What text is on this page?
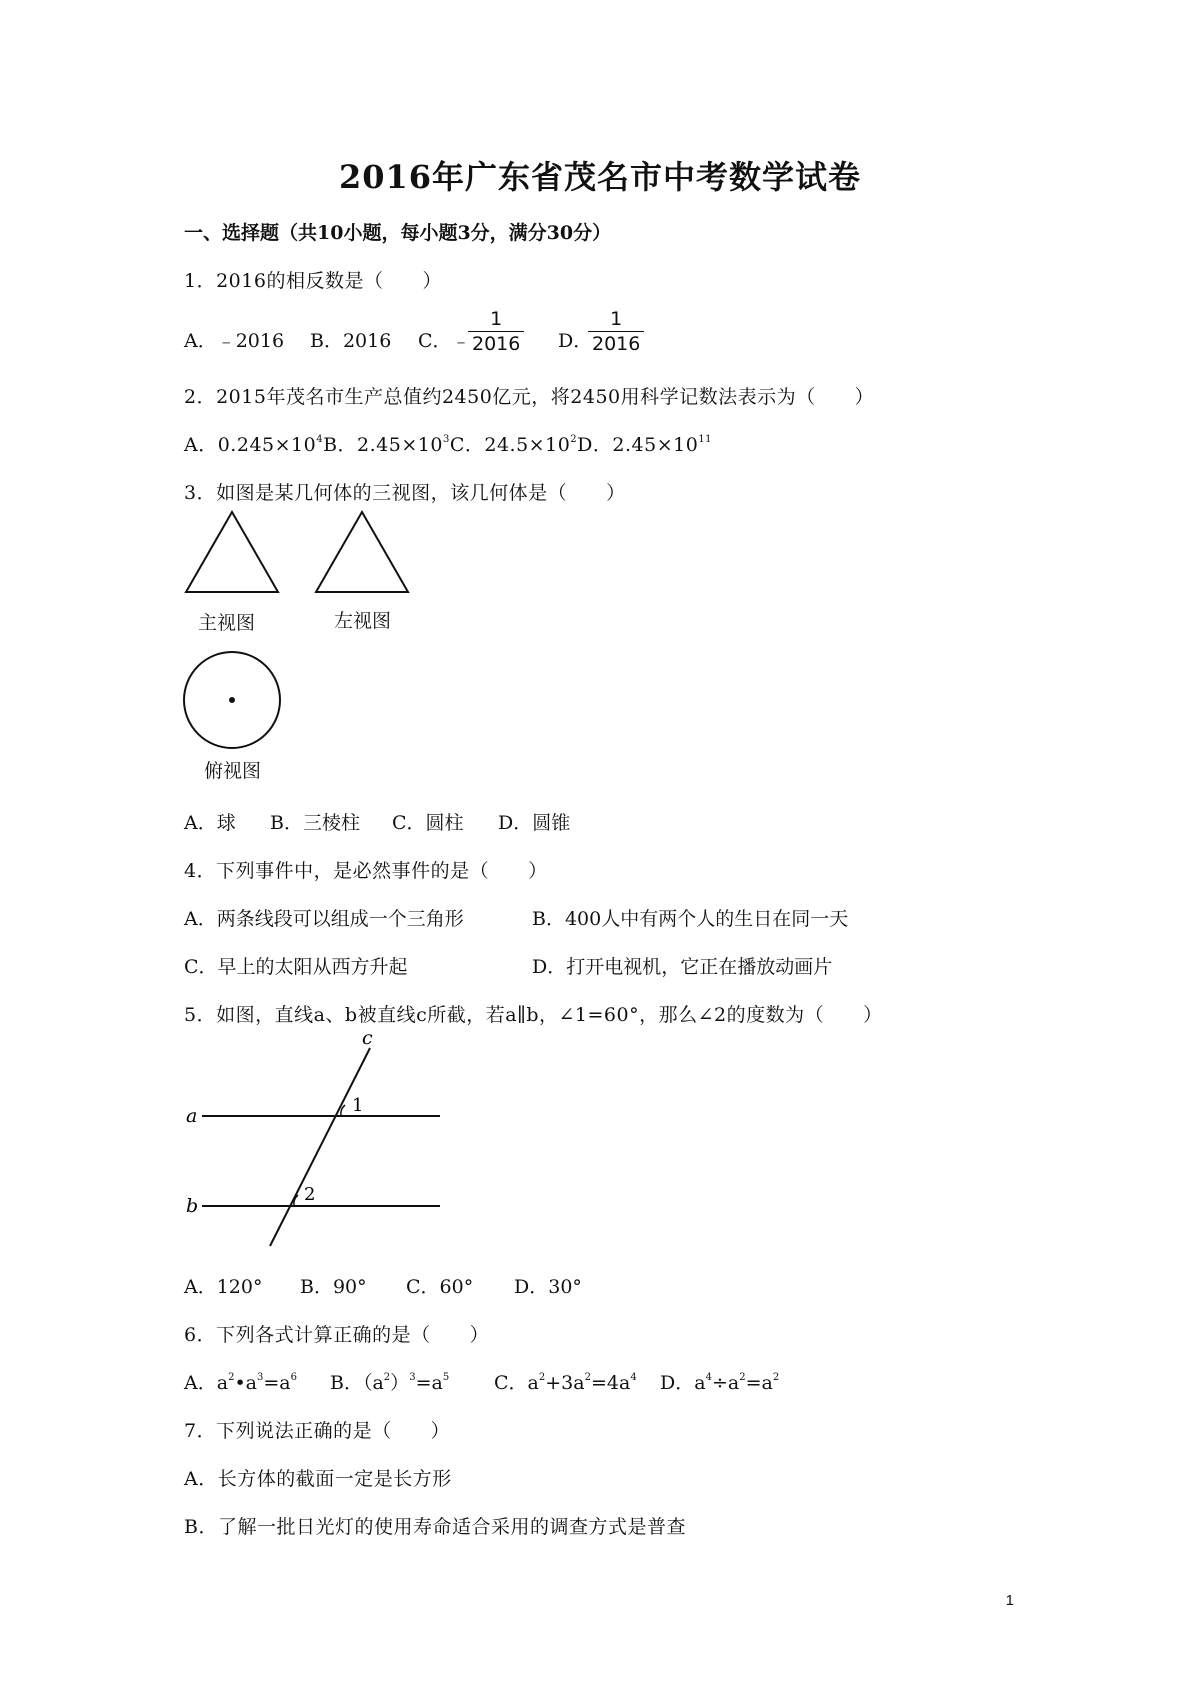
2016年广东省茂名市中考数学试卷
一、选择题（共10小题，每小题3分，满分30分）
1．2016的相反数是（　　）
A．﹣2016 B．2016 C．﹣
1
2016 D．
1
2016
2．2015年茂名市生产总值约2450亿元，将2450用科学记数法表示为（　　）
A．$0.245\times 10^4B$．$2.45\times 10^3C$．$24.5\times 10^2D$．$2.45\times 10^{11}$
3．如图是某几何体的三视图，该几何体是（　　）
主视图	左视图
俯视图
A．球 B．三棱柱 C．圆柱 D．圆锥
4．下列事件中，是必然事件的是（　　）
A．两条线段可以组成一个三角形	B．400人中有两个人的生日在同一天
C．早上的太阳从西方升起	D．打开电视机，它正在播放动画片
5．如图，直线a、b被直线c所截，若a∥b，∠1=60°，那么∠2的度数为（　　）
a
b
c
1
2
A．120° B．90° C．60° D．30°
6．下列各式计算正确的是（　　）
A．$a^2•a^3=a^6$ B．$(a^2)^3=a^5$ C．$a^2+3a^2=4a^4$ D．$a^4\div a^2=a^2$
7．下列说法正确的是（　　）
A．长方体的截面一定是长方形
B．了解一批日光灯的使用寿命适合采用的调查方式是普查
1
